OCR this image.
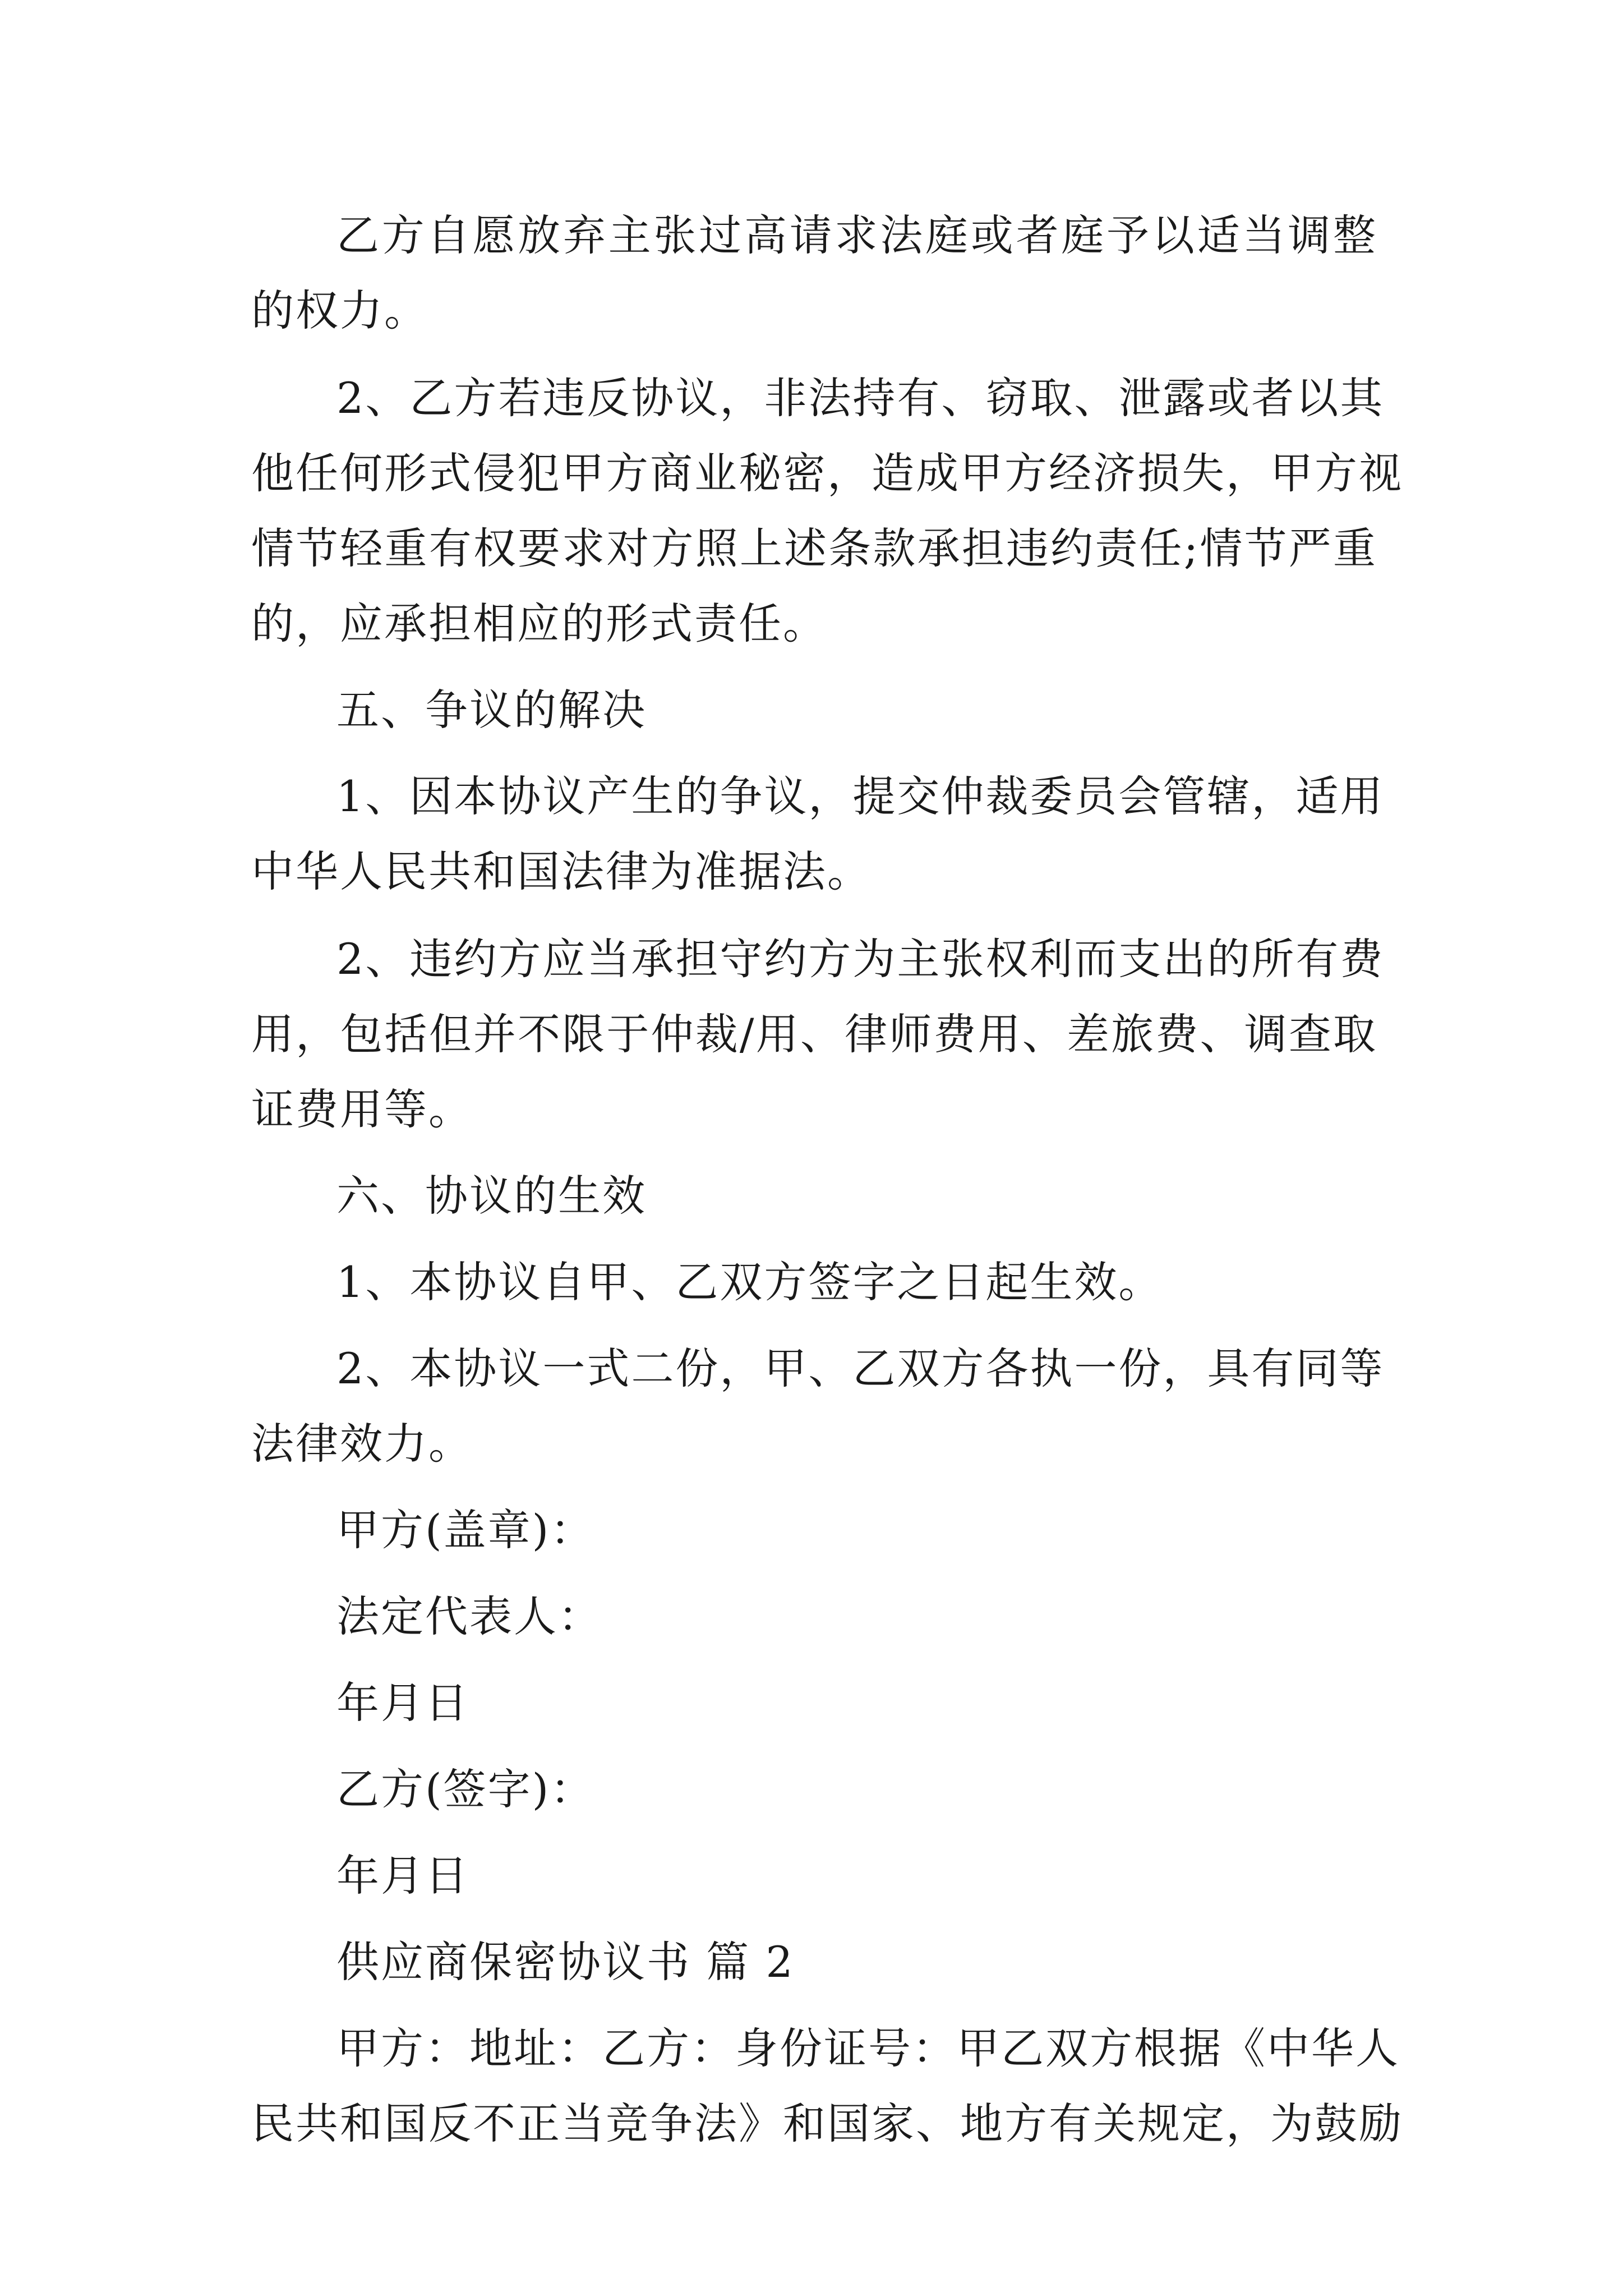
乙方自愿放弃主张过高请求法庭或者庭予以适当调整
的权力。
2、乙方若违反协议，非法持有、窃取、泄露或者以其
他任何形式侵犯甲方商业秘密，造成甲方经济损失，甲方视
情节轻重有权要求对方照上述条款承担违约责任;情节严重
的，应承担相应的形式责任。
五、争议的解决
1、因本协议产生的争议，提交仲裁委员会管辖，适用
中华人民共和国法律为准据法。
2、违约方应当承担守约方为主张权利而支出的所有费
用，包括但并不限于仲裁/用、律师费用、差旅费、调查取
证费用等。
六、协议的生效
1、本协议自甲、乙双方签字之日起生效。
2、本协议一式二份，甲、乙双方各执一份，具有同等
法律效力。
甲方(盖章)：
法定代表人：
年月日
乙方(签字)：
年月日
供应商保密协议书 篇 2
甲方：地址：乙方：身份证号：甲乙双方根据《中华人
民共和国反不正当竞争法》和国家、地方有关规定，为鼓励
